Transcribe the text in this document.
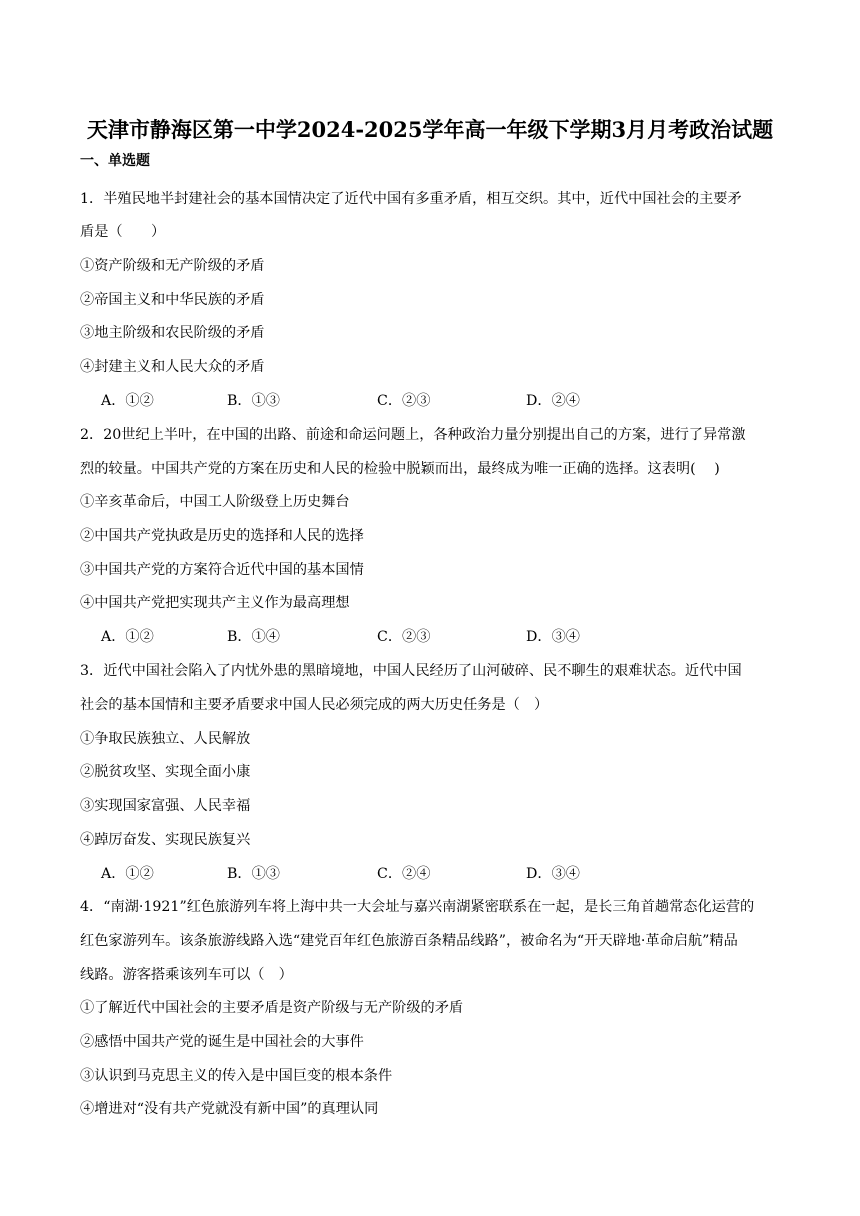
天津市静海区第一中学2024-2025学年高一年级下学期3月月考政治试题
一、单选题
1．半殖民地半封建社会的基本国情决定了近代中国有多重矛盾，相互交织。其中，近代中国社会的主要矛
盾是（　　）
①资产阶级和无产阶级的矛盾
②帝国主义和中华民族的矛盾
③地主阶级和农民阶级的矛盾
④封建主义和人民大众的矛盾
A．①②	B．①③	C．②③	D．②④
2．20世纪上半叶，在中国的出路、前途和命运问题上，各种政治力量分别提出自己的方案，进行了异常激
烈的较量。中国共产党的方案在历史和人民的检验中脱颖而出，最终成为唯一正确的选择。这表明(　 )
①辛亥革命后，中国工人阶级登上历史舞台
②中国共产党执政是历史的选择和人民的选择
③中国共产党的方案符合近代中国的基本国情
④中国共产党把实现共产主义作为最高理想
A．①②	B．①④	C．②③	D．③④
3．近代中国社会陷入了内忧外患的黑暗境地，中国人民经历了山河破碎、民不聊生的艰难状态。近代中国
社会的基本国情和主要矛盾要求中国人民必须完成的两大历史任务是（　）
①争取民族独立、人民解放
②脱贫攻坚、实现全面小康
③实现国家富强、人民幸福
④踔厉奋发、实现民族复兴
A．①②	B．①③	C．②④	D．③④
4．“南湖·1921”红色旅游列车将上海中共一大会址与嘉兴南湖紧密联系在一起，是长三角首趟常态化运营的
红色家游列车。该条旅游线路入选“建党百年红色旅游百条精品线路”，被命名为“开天辟地·革命启航”精品
线路。游客搭乘该列车可以（　）
①了解近代中国社会的主要矛盾是资产阶级与无产阶级的矛盾
②感悟中国共产党的诞生是中国社会的大事件
③认识到马克思主义的传入是中国巨变的根本条件
④增进对“没有共产党就没有新中国”的真理认同
